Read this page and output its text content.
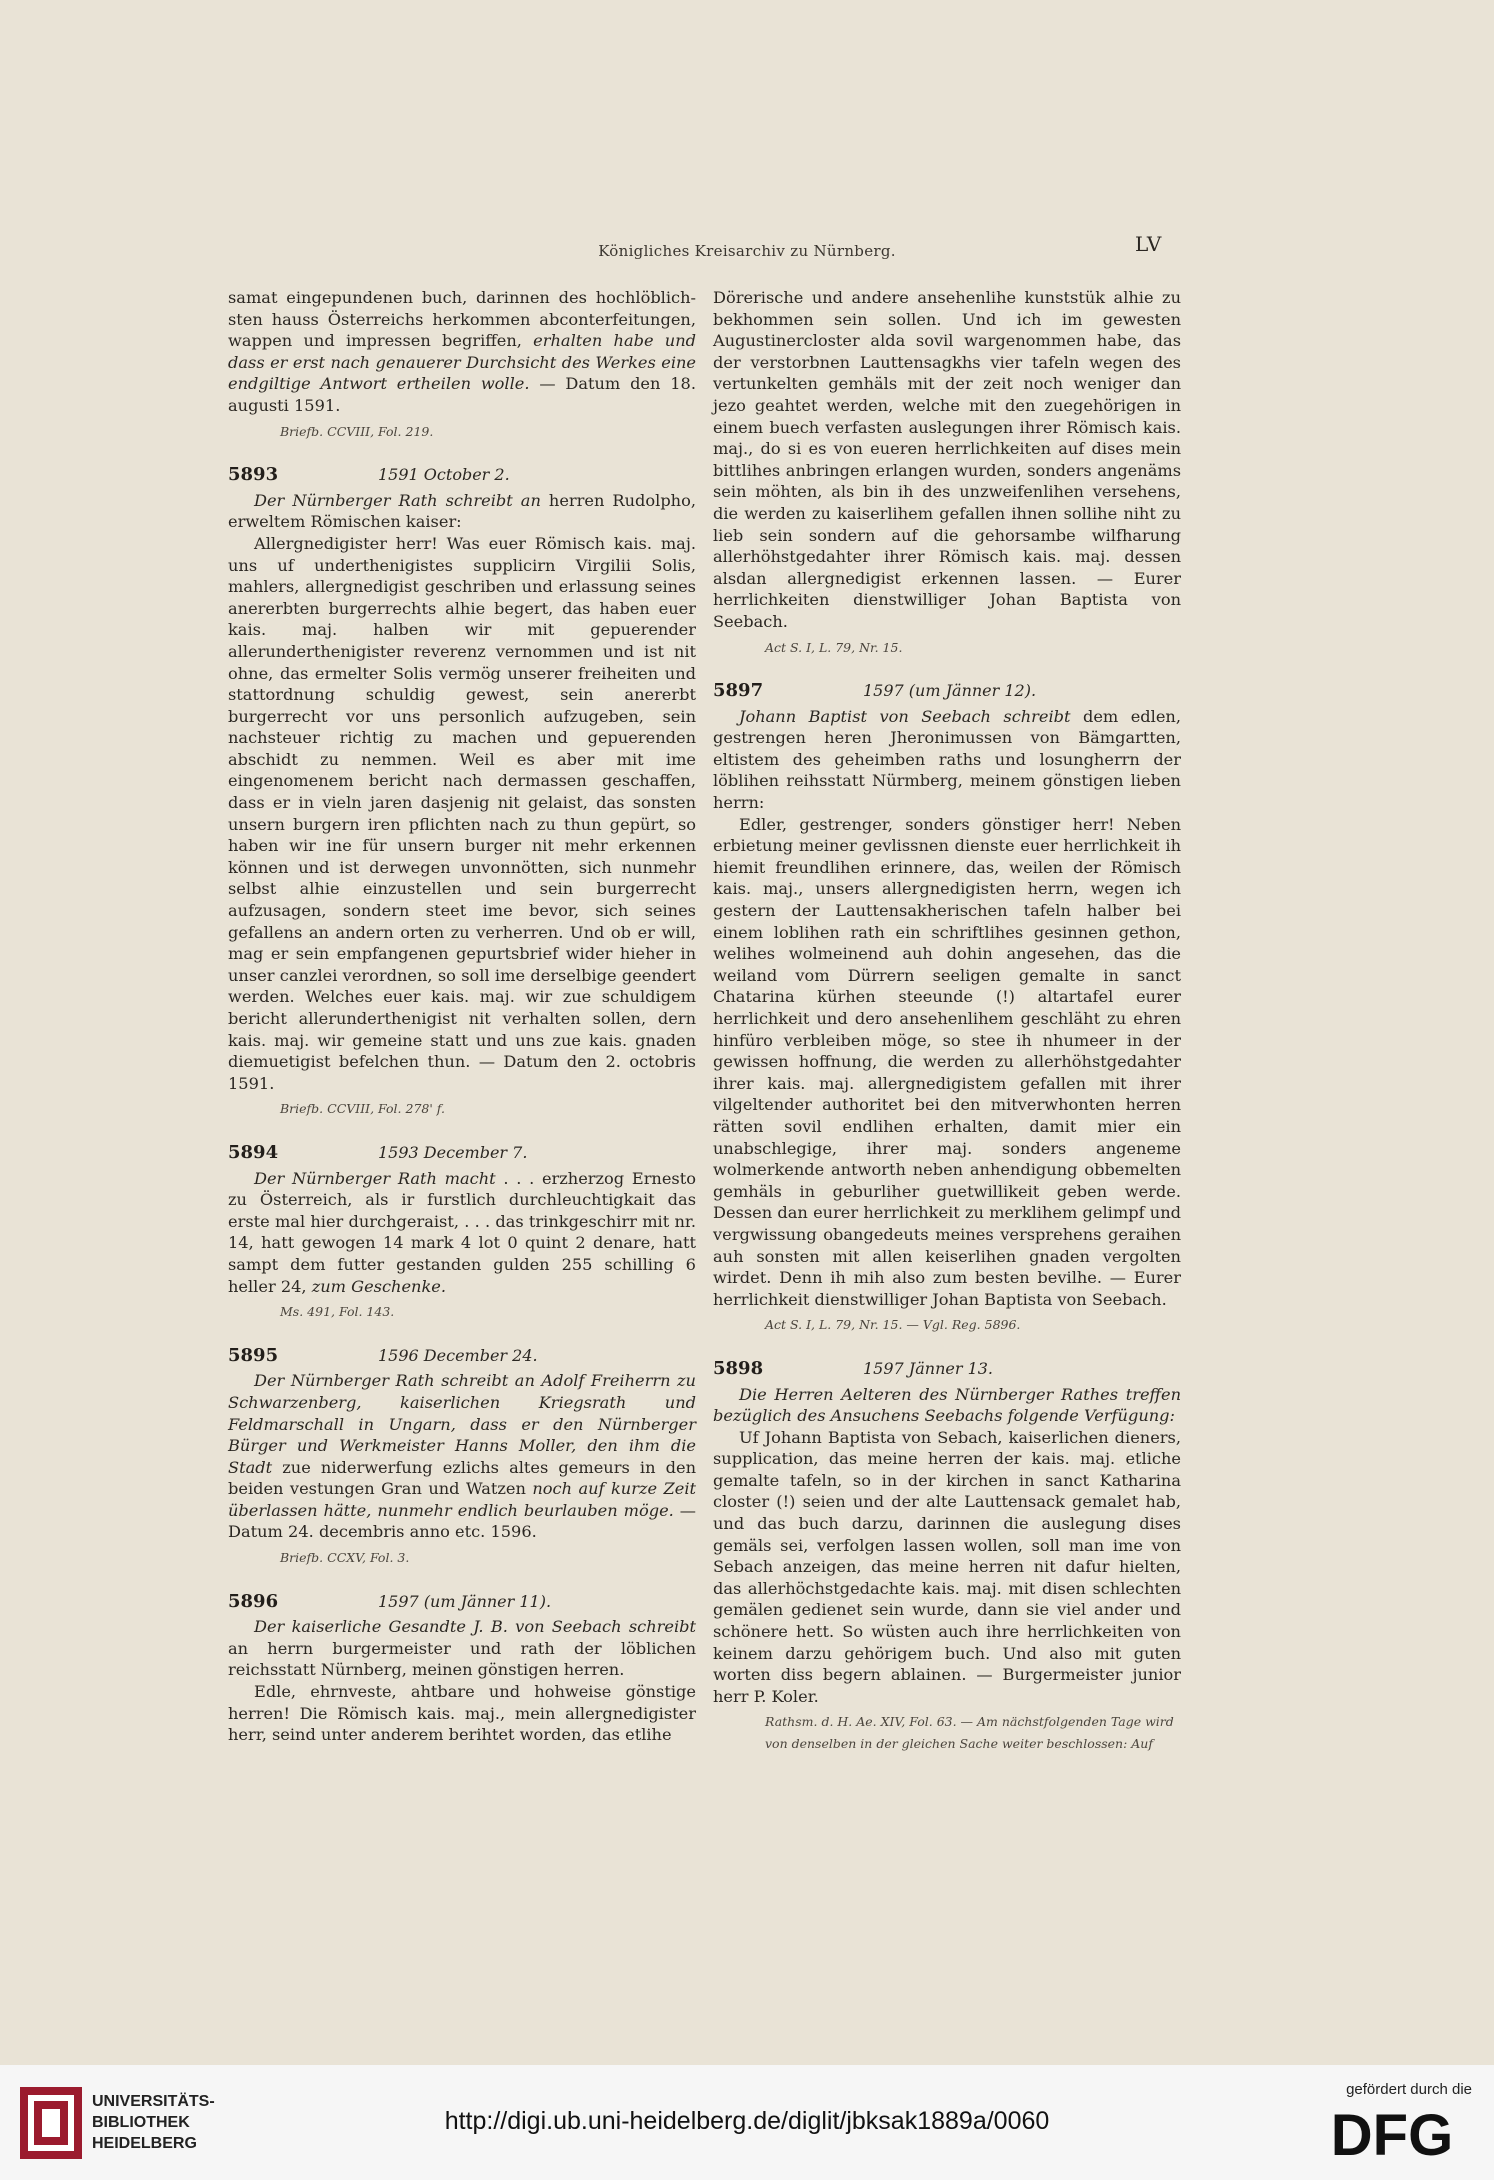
Königliches Kreisarchiv zu Nürnberg.	LV

samat eingepundenen buch, darinnen des hochlöblich- sten hauss Österreichs herkommen abconterfeitungen, wappen und impressen begriffen, erhalten habe und dass er erst nach genauerer Durchsicht des Werkes eine endgiltige Antwort ertheilen wolle. — Datum den 18. augusti 1591.

Briefb. CCVIII, Fol. 219.

5893	1591 October 2.

Der Nürnberger Rath schreibt an herren Rudolpho, erweltem Römischen kaiser:

Allergnedigister herr! Was euer Römisch kais. maj. uns uf underthenigistes supplicirn Virgilii Solis, mahlers, allergnedigist geschriben und erlassung seines anererbten burgerrechts alhie begert, das haben euer kais. maj. halben wir mit gepuerender allerunderthenigister reverenz vernommen und ist nit ohne, das ermelter Solis vermög unserer freiheiten und stattordnung schuldig gewest, sein anererbt burgerrecht vor uns personlich aufzugeben, sein nachsteuer richtig zu machen und gepuerenden abschidt zu nemmen. Weil es aber mit ime eingenomenem bericht nach dermassen geschaffen, dass er in vieln jaren dasjenig nit gelaist, das sonsten unsern burgern iren pflichten nach zu thun gepürt, so haben wir ine für unsern burger nit mehr erkennen können und ist derwegen unvonnötten, sich nunmehr selbst alhie einzustellen und sein burgerrecht aufzusagen, sondern steet ime bevor, sich seines gefallens an andern orten zu verherren. Und ob er will, mag er sein empfangenen gepurtsbrief wider hieher in unser canzlei verordnen, so soll ime derselbige geendert werden. Welches euer kais. maj. wir zue schuldigem bericht allerunderthenigist nit verhalten sollen, dern kais. maj. wir gemeine statt und uns zue kais. gnaden diemuetigist befelchen thun. — Datum den 2. octobris 1591.

Briefb. CCVIII, Fol. 278' f.

5894	1593 December 7.

Der Nürnberger Rath macht . . . erzherzog Ernesto zu Österreich, als ir furstlich durchleuchtigkait das erste mal hier durchgeraist, . . . das trinkgeschirr mit nr. 14, hatt gewogen 14 mark 4 lot 0 quint 2 denare, hatt sampt dem futter gestanden gulden 255 schilling 6 heller 24, zum Geschenke.

Ms. 491, Fol. 143.

5895	1596 December 24.

Der Nürnberger Rath schreibt an Adolf Freiherrn zu Schwarzenberg, kaiserlichen Kriegsrath und Feldmarschall in Ungarn, dass er den Nürnberger Bürger und Werkmeister Hanns Moller, den ihm die Stadt zue niderwerfung ezlichs altes gemeurs in den beiden vestungen Gran und Watzen noch auf kurze Zeit überlassen hätte, nunmehr endlich beurlauben möge. — Datum 24. decembris anno etc. 1596.

Briefb. CCXV, Fol. 3.

5896	1597 (um Jänner 11).

Der kaiserliche Gesandte J. B. von Seebach schreibt an herrn burgermeister und rath der löblichen reichsstatt Nürnberg, meinen gönstigen herren.

Edle, ehrnveste, ahtbare und hohweise gönstige herren! Die Römisch kais. maj., mein allergnedigister herr, seind unter anderem berihtet worden, das etlihe

Dörerische und andere ansehenlihe kunststük alhie zu bekhommen sein sollen. Und ich im gewesten Augustinercloster alda sovil wargenommen habe, das der verstorbnen Lauttensagkhs vier tafeln wegen des vertunkelten gemhäls mit der zeit noch weniger dan jezo geahtet werden, welche mit den zuegehörigen in einem buech verfasten auslegungen ihrer Römisch kais. maj., do si es von eueren herrlichkeiten auf dises mein bittlihes anbringen erlangen wurden, sonders angenäms sein möhten, als bin ih des unzweifenlihen versehens, die werden zu kaiserlihem gefallen ihnen sollihe niht zu lieb sein sondern auf die gehorsambe wilfharung allerhöhstgedahter ihrer Römisch kais. maj. dessen alsdan allergnedigist erkennen lassen. — Eurer herrlichkeiten dienstwilliger Johan Baptista von Seebach.

Act S. I, L. 79, Nr. 15.

5897	1597 (um Jänner 12).

Johann Baptist von Seebach schreibt dem edlen, gestrengen heren Jheronimussen von Bämgartten, eltistem des geheimben raths und losungherrn der löblihen reihsstatt Nürmberg, meinem gönstigen lieben herrn:

Edler, gestrenger, sonders gönstiger herr! Neben erbietung meiner gevlissnen dienste euer herrlichkeit ih hiemit freundlihen erinnere, das, weilen der Römisch kais. maj., unsers allergnedigisten herrn, wegen ich gestern der Lauttensakherischen tafeln halber bei einem loblihen rath ein schriftlihes gesinnen gethon, welihes wolmeinend auh dohin angesehen, das die weiland vom Dürrern seeligen gemalte in sanct Chatarina kürhen steeunde (!) altartafel eurer herrlichkeit und dero ansehenlihem geschläht zu ehren hinfüro verbleiben möge, so stee ih nhumeer in der gewissen hoffnung, die werden zu allerhöhstgedahter ihrer kais. maj. allergnedigistem gefallen mit ihrer vilgeltender authoritet bei den mitverwhonten herren rätten sovil endlihen erhalten, damit mier ein unabschlegige, ihrer maj. sonders angeneme wolmerkende antworth neben anhendigung obbemelten gemhäls in geburliher guetwillikeit geben werde. Dessen dan eurer herrlichkeit zu merklihem gelimpf und vergwissung obangedeuts meines versprehens geraihen auh sonsten mit allen keiserlihen gnaden vergolten wirdet. Denn ih mih also zum besten bevilhe. — Eurer herrlichkeit dienstwilliger Johan Baptista von Seebach.

Act S. I, L. 79, Nr. 15. — Vgl. Reg. 5896.

5898	1597 Jänner 13.

Die Herren Aelteren des Nürnberger Rathes treffen bezüglich des Ansuchens Seebachs folgende Verfügung:

Uf Johann Baptista von Sebach, kaiserlichen dieners, supplication, das meine herren der kais. maj. etliche gemalte tafeln, so in der kirchen in sanct Katharina closter (!) seien und der alte Lauttensack gemalet hab, und das buch darzu, darinnen die auslegung dises gemäls sei, verfolgen lassen wollen, soll man ime von Sebach anzeigen, das meine herren nit dafur hielten, das allerhöchstgedachte kais. maj. mit disen schlechten gemälen gedienet sein wurde, dann sie viel ander und schönere hett. So wüsten auch ihre herrlichkeiten von keinem darzu gehörigem buch. Und also mit guten worten diss begern ablainen. — Burgermeister junior herr P. Koler.

Rathsm. d. H. Ae. XIV, Fol. 63. — Am nächstfolgenden Tage wird von denselben in der gleichen Sache weiter beschlossen: Auf

UNIVERSITÄTS-
BIBLIOTHEK
HEIDELBERG
http://digi.ub.uni-heidelberg.de/diglit/jbksak1889a/0060
gefördert durch die
DFG
